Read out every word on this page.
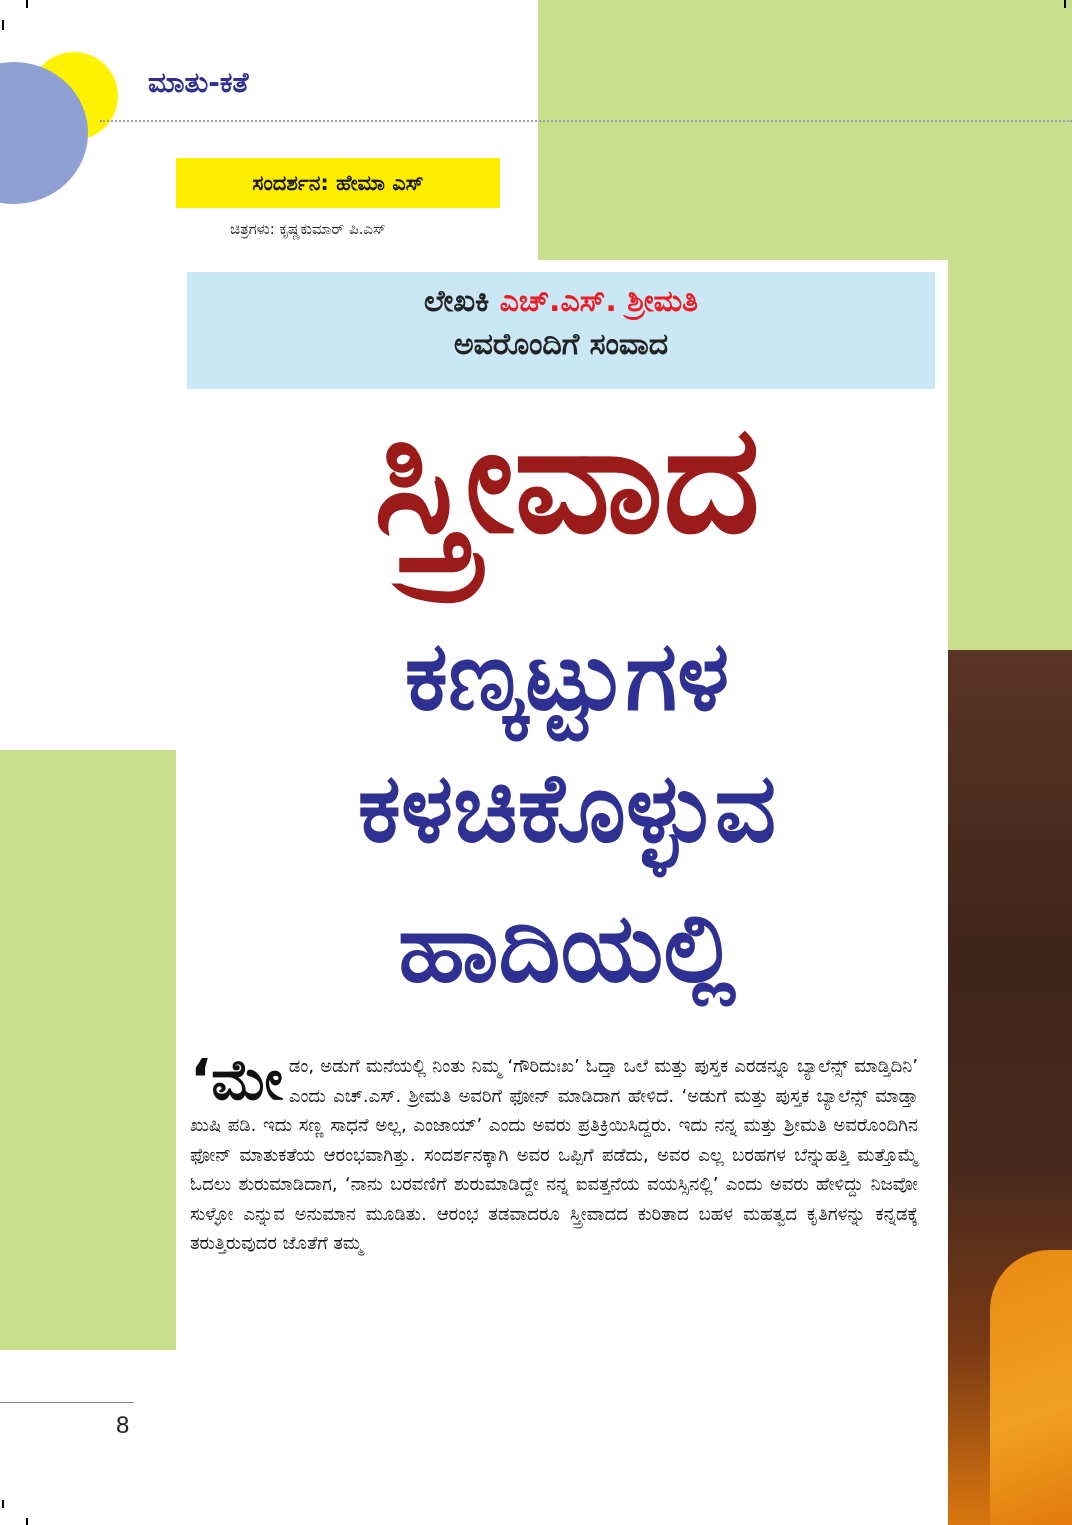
ಮಾತು-ಕತೆ
ಸಂದರ್ಶನ: ಹೇಮಾ ಎಸ್
ಚಿತ್ರಗಳು: ಕೃಷ್ಣಕುಮಾರ್ ಪಿ.ಎಸ್
ಲೇಖಕಿ ಎಚ್.ಎಸ್. ಶ್ರೀಮತಿ
ಅವರೊಂದಿಗೆ ಸಂವಾದ
ಸ್ತ್ರೀವಾದ
ಕಣ್ಕಟ್ಟುಗಳ
ಕಳಚಿಕೊಳ್ಳುವ
ಹಾದಿಯಲ್ಲಿ
‘ಮೇಡಂ, ಅಡುಗೆ ಮನೆಯಲ್ಲಿ ನಿಂತು ನಿಮ್ಮ ‘ಗೌರಿದುಃಖ’ ಓದ್ತಾ ಒಲೆ ಮತ್ತು ಪುಸ್ತಕ ಎರಡನ್ನೂ ಬ್ಯಾಲೆನ್ಸ್ ಮಾಡ್ತಿದಿನಿ’ ಎಂದು ಎಚ್.ಎಸ್. ಶ್ರೀಮತಿ ಅವರಿಗೆ ಫೋನ್ ಮಾಡಿದಾಗ ಹೇಳಿದೆ. ‘ಅಡುಗೆ ಮತ್ತು ಪುಸ್ತಕ ಬ್ಯಾಲೆನ್ಸ್ ಮಾಡ್ತಾ ಖುಷಿ ಪಡಿ. ಇದು ಸಣ್ಣ ಸಾಧನೆ ಅಲ್ಲ, ಎಂಜಾಯ್’ ಎಂದು ಅವರು ಪ್ರತಿಕ್ರಿಯಿಸಿದ್ದರು. ಇದು ನನ್ನ ಮತ್ತು ಶ್ರೀಮತಿ ಅವರೊಂದಿಗಿನ ಫೋನ್ ಮಾತುಕತೆಯ ಆರಂಭವಾಗಿತ್ತು. ಸಂದರ್ಶನಕ್ಕಾಗಿ ಅವರ ಒಪ್ಪಿಗೆ ಪಡೆದು, ಅವರ ಎಲ್ಲ ಬರಹಗಳ ಬೆನ್ನುಹತ್ತಿ ಮತ್ತೊಮ್ಮೆ ಓದಲು ಶುರುಮಾಡಿದಾಗ, ‘ನಾನು ಬರವಣಿಗೆ ಶುರುಮಾಡಿದ್ದೇ ನನ್ನ ಐವತ್ತನೆಯ ವಯಸ್ಸಿನಲ್ಲಿ’ ಎಂದು ಅವರು ಹೇಳಿದ್ದು ನಿಜವೋ ಸುಳ್ಳೋ ಎನ್ನುವ ಅನುಮಾನ ಮೂಡಿತು. ಆರಂಭ ತಡವಾದರೂ ಸ್ತ್ರೀವಾದದ ಕುರಿತಾದ ಬಹಳ ಮಹತ್ವದ ಕೃತಿಗಳನ್ನು ಕನ್ನಡಕ್ಕೆ ತರುತ್ತಿರುವುದರ ಜೊತೆಗೆ ತಮ್ಮ
8
